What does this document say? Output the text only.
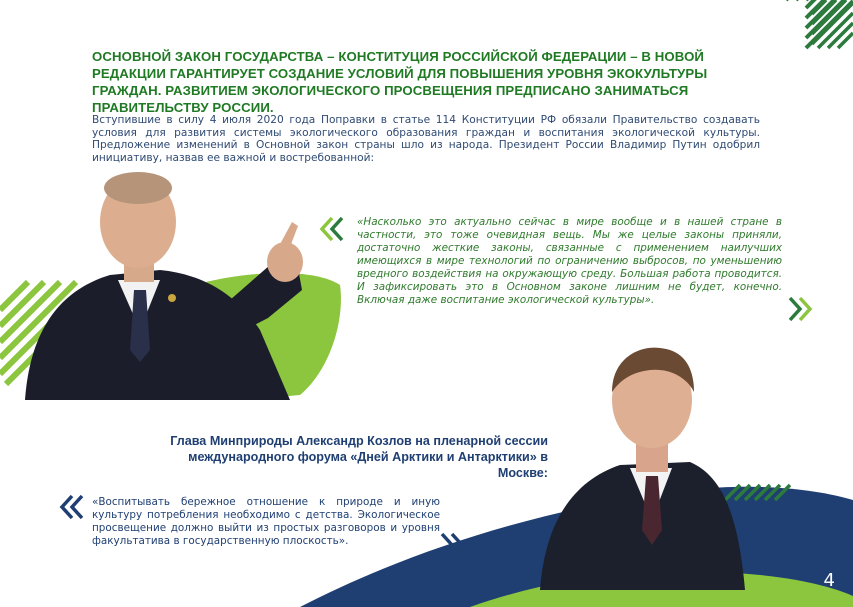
ОСНОВНОЙ ЗАКОН ГОСУДАРСТВА – КОНСТИТУЦИЯ РОССИЙСКОЙ ФЕДЕРАЦИИ – В НОВОЙ РЕДАКЦИИ ГАРАНТИРУЕТ СОЗДАНИЕ УСЛОВИЙ ДЛЯ ПОВЫШЕНИЯ УРОВНЯ ЭКОКУЛЬТУРЫ ГРАЖДАН. РАЗВИТИЕМ ЭКОЛОГИЧЕСКОГО ПРОСВЕЩЕНИЯ ПРЕДПИСАНО ЗАНИМАТЬСЯ ПРАВИТЕЛЬСТВУ РОССИИ.

Вступившие в силу 4 июля 2020 года Поправки в статье 114 Конституции РФ обязали Правительство создавать условия для развития системы экологического образования граждан и воспитания экологической культуры. Предложение изменений в Основной закон страны шло из народа. Президент России Владимир Путин одобрил инициативу, назвав ее важной и востребованной:

«Насколько это актуально сейчас в мире вообще и в нашей стране в частности, это тоже очевидная вещь. Мы же целые законы приняли, достаточно жесткие законы, связанные с применением наилучших имеющихся в мире технологий по ограничению выбросов, по уменьшению вредного воздействия на окружающую среду. Большая работа проводится. И зафиксировать это в Основном законе лишним не будет, конечно. Включая даже воспитание экологической культуры».

Глава Минприроды Александр Козлов на пленарной сессии международного форума «Дней Арктики и Антарктики» в Москве:

«Воспитывать бережное отношение к природе и иную культуру потребления необходимо с детства. Экологическое просвещение должно выйти из простых разговоров и уровня факультатива в государственную плоскость».

4
